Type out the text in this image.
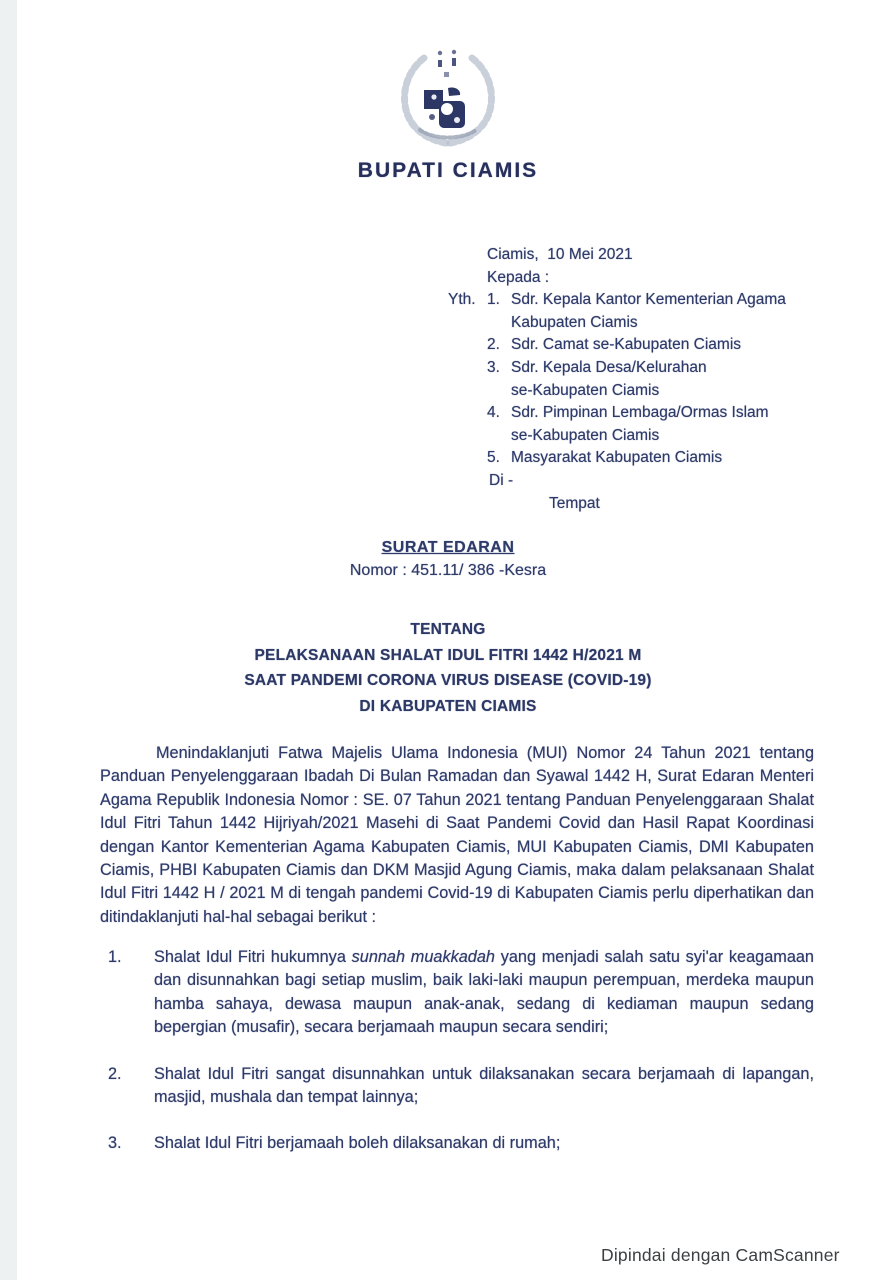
BUPATI CIAMIS
Ciamis,  10 Mei 2021
Kepada :
Yth. 1. Sdr. Kepala Kantor Kementerian Agama
Kabupaten Ciamis
2. Sdr. Camat se-Kabupaten Ciamis
3. Sdr. Kepala Desa/Kelurahan
se-Kabupaten Ciamis
4. Sdr. Pimpinan Lembaga/Ormas Islam
se-Kabupaten Ciamis
5. Masyarakat Kabupaten Ciamis
Di -
Tempat
SURAT EDARAN
Nomor : 451.11/ 386 -Kesra
TENTANG
PELAKSANAAN SHALAT IDUL FITRI 1442 H/2021 M
SAAT PANDEMI CORONA VIRUS DISEASE (COVID-19)
DI KABUPATEN CIAMIS
Menindaklanjuti Fatwa Majelis Ulama Indonesia (MUI) Nomor 24 Tahun 2021 tentang Panduan Penyelenggaraan Ibadah Di Bulan Ramadan dan Syawal 1442 H, Surat Edaran Menteri Agama Republik Indonesia Nomor : SE. 07 Tahun 2021 tentang Panduan Penyelenggaraan Shalat Idul Fitri Tahun 1442 Hijriyah/2021 Masehi di Saat Pandemi Covid dan Hasil Rapat Koordinasi dengan Kantor Kementerian Agama Kabupaten Ciamis, MUI Kabupaten Ciamis, DMI Kabupaten Ciamis, PHBI Kabupaten Ciamis dan DKM Masjid Agung Ciamis, maka dalam pelaksanaan Shalat Idul Fitri 1442 H / 2021 M di tengah pandemi Covid-19 di Kabupaten Ciamis perlu diperhatikan dan ditindaklanjuti hal-hal sebagai berikut :
1.	Shalat Idul Fitri hukumnya sunnah muakkadah yang menjadi salah satu syi'ar keagamaan dan disunnahkan bagi setiap muslim, baik laki-laki maupun perempuan, merdeka maupun hamba sahaya, dewasa maupun anak-anak, sedang di kediaman maupun sedang bepergian (musafir), secara berjamaah maupun secara sendiri;
2.	Shalat Idul Fitri sangat disunnahkan untuk dilaksanakan secara berjamaah di lapangan, masjid, mushala dan tempat lainnya;
3.	Shalat Idul Fitri berjamaah boleh dilaksanakan di rumah;
Dipindai dengan CamScanner
